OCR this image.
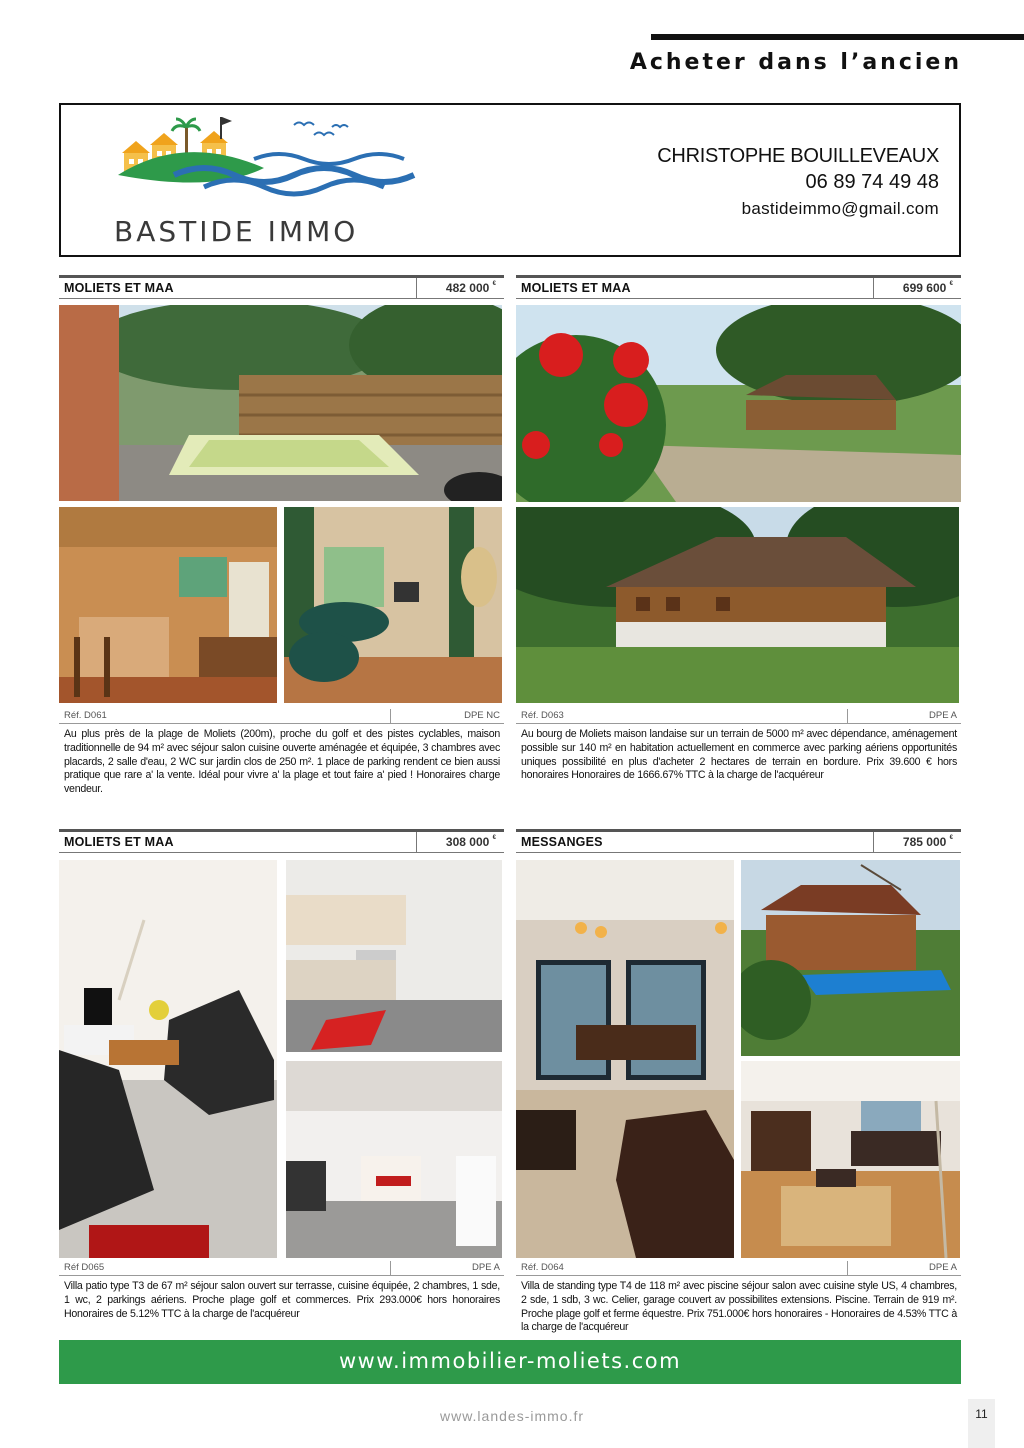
Acheter dans l’ancien
BASTIDE IMMO
CHRISTOPHE BOUILLEVEAUX
06 89 74 49 48
bastideimmo@gmail.com
MOLIETS ET MAA	482 000 €
Réf. D061	DPE NC
Au plus près de la plage de Moliets (200m), proche du golf et des pistes cyclables, maison traditionnelle de 94 m² avec séjour salon cuisine ouverte aménagée et équipée, 3 chambres avec placards, 2 salle d'eau, 2 WC sur jardin clos de 250 m². 1 place de parking rendent ce bien aussi pratique que rare a' la vente. Idéal pour vivre a' la plage et tout faire a' pied ! Honoraires charge vendeur.
MOLIETS ET MAA	699 600 €
Réf. D063	DPE A
Au bourg de Moliets maison landaise sur un terrain de 5000 m² avec dépendance, aménagement possible sur 140 m² en habitation actuellement en commerce avec parking aériens opportunités uniques possibilité en plus d'acheter 2 hectares de terrain en bordure. Prix 39.600 € hors honoraires Honoraires de 1666.67% TTC à la charge de l'acquéreur
MOLIETS ET MAA	308 000 €
Réf D065	DPE A
Villa patio type T3 de 67 m² séjour salon ouvert sur terrasse, cuisine équipée, 2 chambres, 1 sde, 1 wc, 2 parkings aériens. Proche plage golf et commerces. Prix 293.000€ hors honoraires Honoraires de 5.12% TTC à la charge de l'acquéreur
MESSANGES	785 000 €
Réf. D064	DPE A
Villa de standing type T4 de 118 m² avec piscine séjour salon avec cuisine style US, 4 chambres, 2 sde, 1 sdb, 3 wc. Celier, garage couvert av possibilites extensions. Piscine. Terrain de 919 m². Proche plage golf et ferme équestre. Prix 751.000€ hors honoraires - Honoraires de 4.53% TTC à la charge de l'acquéreur
www.immobilier-moliets.com
www.landes-immo.fr	11
